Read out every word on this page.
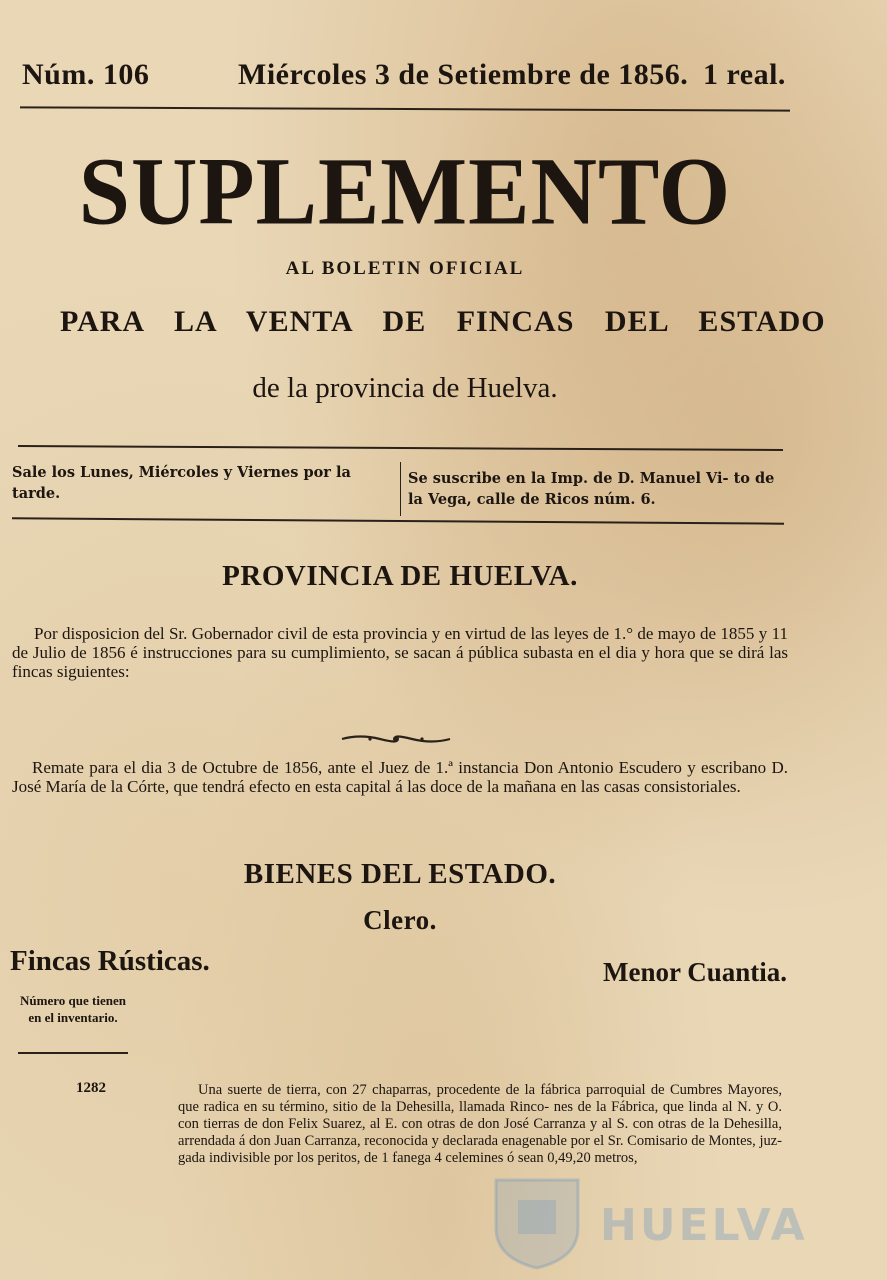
Núm. 106	Miércoles 3 de Setiembre de 1856. 1 real.
SUPLEMENTO
AL BOLETIN OFICIAL
PARA LA VENTA DE FINCAS DEL ESTADO
de la provincia de Huelva.
Sale los Lunes, Miércoles y Viernes por la tarde.
Se suscribe en la Imp. de D. Manuel Vi- to de la Vega, calle de Ricos núm. 6.
PROVINCIA DE HUELVA.
Por disposicion del Sr. Gobernador civil de esta provincia y en virtud de las leyes de 1.° de mayo de 1855 y 11 de Julio de 1856 é instrucciones para su cumplimiento, se sacan á pública subasta en el dia y hora que se dirá las fincas siguientes:
Remate para el dia 3 de Octubre de 1856, ante el Juez de 1.ª instancia Don Antonio Escudero y escribano D. José María de la Córte, que tendrá efecto en esta capital á las doce de la mañana en las casas consistoriales.
BIENES DEL ESTADO.
Clero.
Fincas Rústicas.	Menor Cuantia.
Número que tienen en el inventario.
1282	Una suerte de tierra, con 27 chaparras, procedente de la fábrica parroquial de Cumbres Mayores, que radica en su término, sitio de la Dehesilla, llamada Rinco- nes de la Fábrica, que linda al N. y O. con tierras de don Felix Suarez, al E. con otras de don José Carranza y al S. con otras de la Dehesilla, arrendada á don Juan Carranza, reconocida y declarada enagenable por el Sr. Comisario de Montes, juz- gada indivisible por los peritos, de 1 fanega 4 celemines ó sean 0,49,20 metros,
HUELVA
